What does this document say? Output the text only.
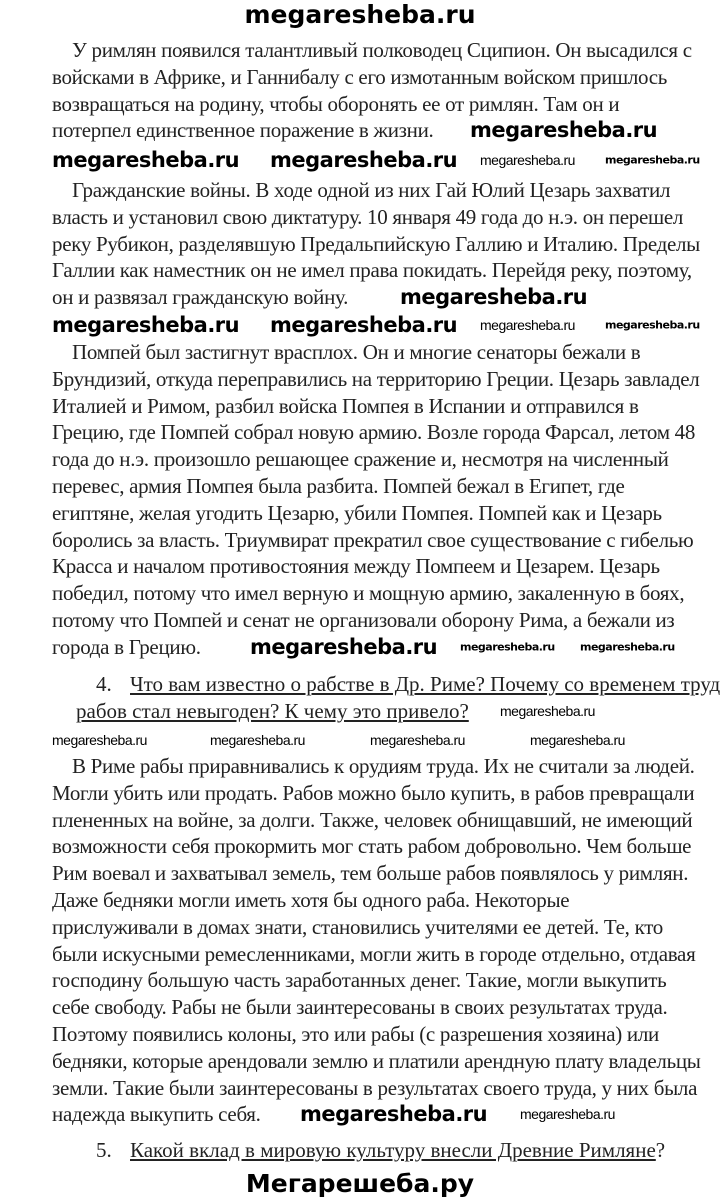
megaresheba.ru
У римлян появился талантливый полководец Сципион. Он высадился с
войсками в Африке, и Ганнибалу с его измотанным войском пришлось
возвращаться на родину, чтобы оборонять ее от римлян. Там он и
потерпел единственное поражение в жизни.
Гражданские войны. В ходе одной из них Гай Юлий Цезарь захватил
власть и установил свою диктатуру. 10 января 49 года до н.э. он перешел
реку Рубикон, разделявшую Предальпийскую Галлию и Италию. Пределы
Галлии как наместник он не имел права покидать. Перейдя реку, поэтому,
он и развязал гражданскую войну.
Помпей был застигнут врасплох. Он и многие сенаторы бежали в
Брундизий, откуда переправились на территорию Греции. Цезарь завладел
Италией и Римом, разбил войска Помпея в Испании и отправился в
Грецию, где Помпей собрал новую армию. Возле города Фарсал, летом 48
года до н.э. произошло решающее сражение и, несмотря на численный
перевес, армия Помпея была разбита. Помпей бежал в Египет, где
египтяне, желая угодить Цезарю, убили Помпея. Помпей как и Цезарь
боролись за власть. Триумвират прекратил свое существование с гибелью
Красса и началом противостояния между Помпеем и Цезарем. Цезарь
победил, потому что имел верную и мощную армию, закаленную в боях,
потому что Помпей и сенат не организовали оборону Рима, а бежали из
города в Грецию.
В Риме рабы приравнивались к орудиям труда. Их не считали за людей.
Могли убить или продать. Рабов можно было купить, в рабов превращали
плененных на войне, за долги. Также, человек обнищавший, не имеющий
возможности себя прокормить мог стать рабом добровольно. Чем больше
Рим воевал и захватывал земель, тем больше рабов появлялось у римлян.
Даже бедняки могли иметь хотя бы одного раба. Некоторые
прислуживали в домах знати, становились учителями ее детей. Те, кто
были искусными ремесленниками, могли жить в городе отдельно, отдавая
господину большую часть заработанных денег. Такие, могли выкупить
себе свободу. Рабы не были заинтересованы в своих результатах труда.
Поэтому появились колоны, это или рабы (с разрешения хозяина) или
бедняки, которые арендовали землю и платили арендную плату владельцы
земли. Такие были заинтересованы в результатах своего труда, у них была
надежда выкупить себя.
4. Что вам известно о рабстве в Др. Риме? Почему со временем труд
рабов стал невыгоден? К чему это привело?
5. Какой вклад в мировую культуру внесли Древние Римляне?
megaresheba.ru
megaresheba.ru megaresheba.ru megaresheba.ru	megaresheba.ru
megaresheba.ru
megaresheba.ru megaresheba.ru megaresheba.ru	megaresheba.ru
megaresheba.ru megaresheba.ru megaresheba.ru
megaresheba.ru
megaresheba.ru	megaresheba.ru	megaresheba.ru	megaresheba.ru
megaresheba.ru megaresheba.ru
Мегарешеба.ру
